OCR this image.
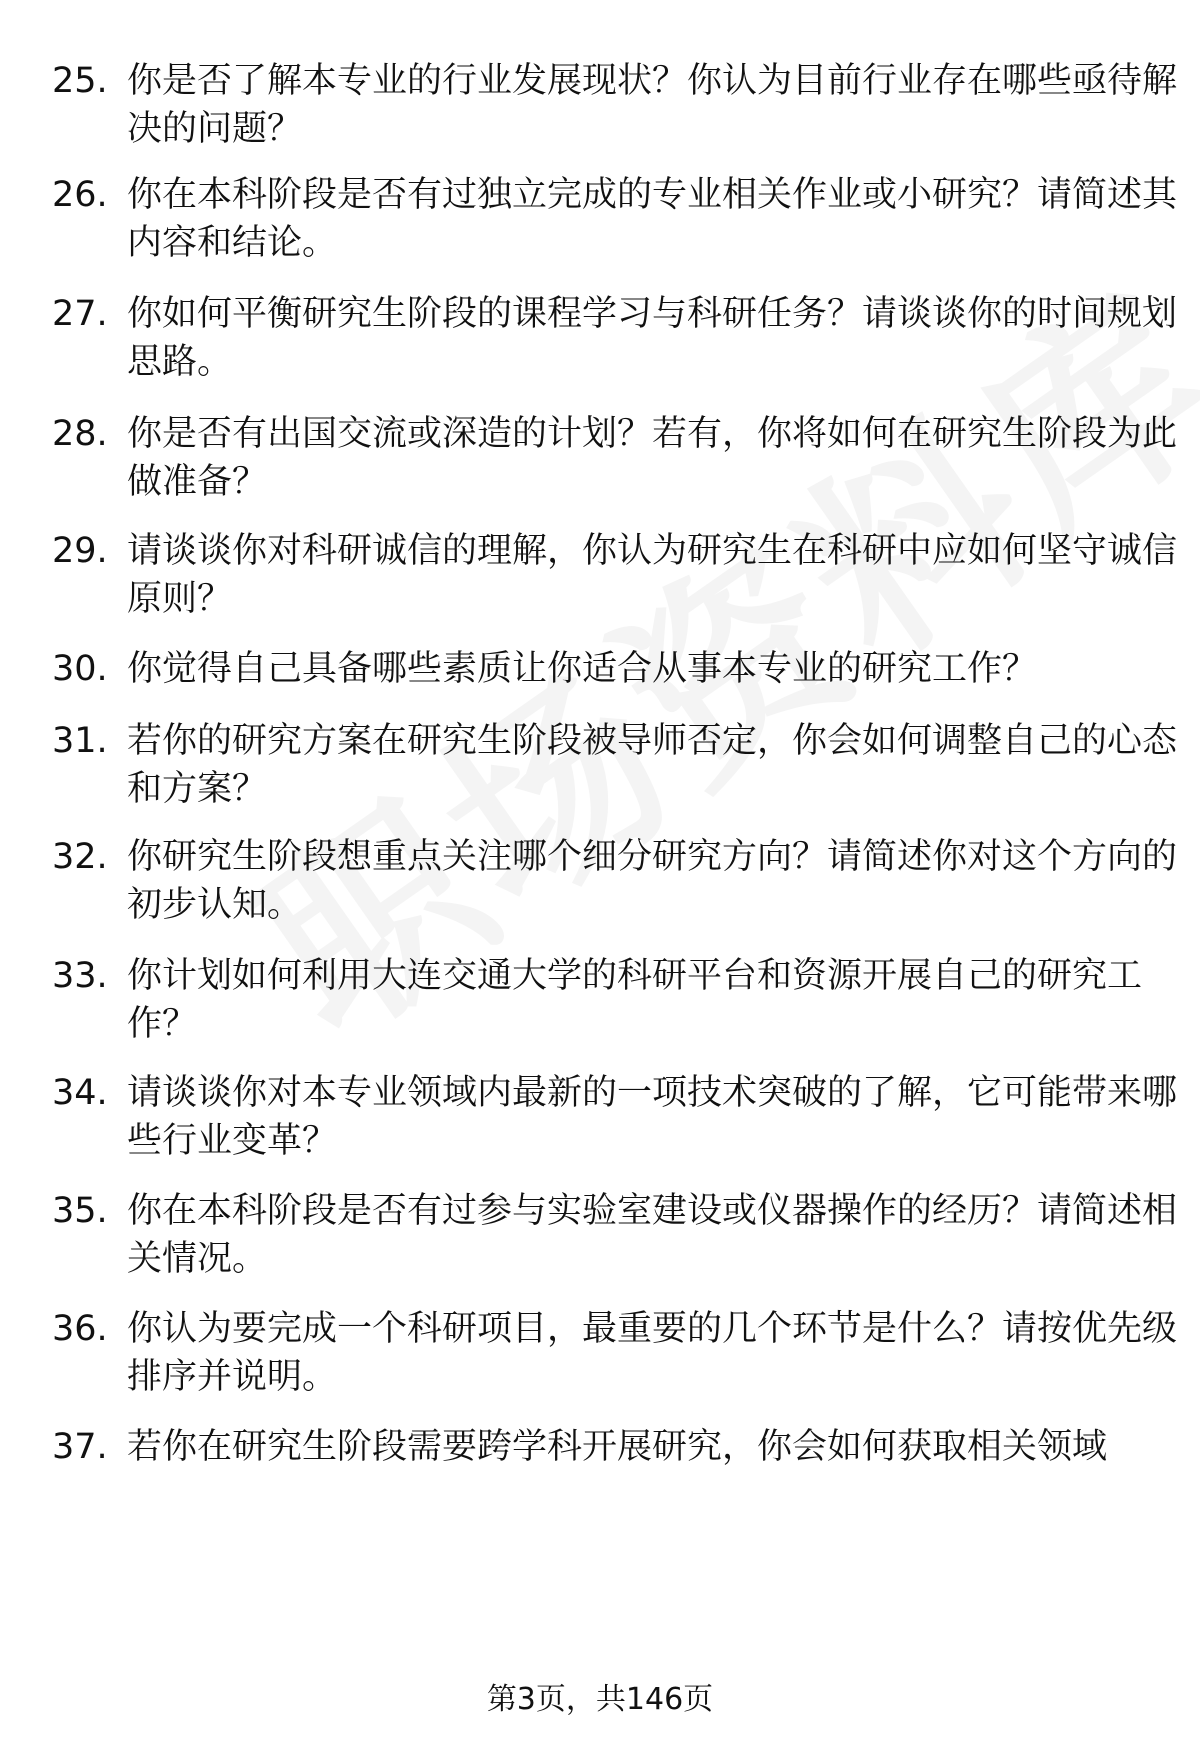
25. 你是否了解本专业的行业发展现状？你认为目前行业存在哪些亟待解决的问题？
26. 你在本科阶段是否有过独立完成的专业相关作业或小研究？请简述其内容和结论。
27. 你如何平衡研究生阶段的课程学习与科研任务？请谈谈你的时间规划思路。
28. 你是否有出国交流或深造的计划？若有，你将如何在研究生阶段为此做准备？
29. 请谈谈你对科研诚信的理解，你认为研究生在科研中应如何坚守诚信原则？
30. 你觉得自己具备哪些素质让你适合从事本专业的研究工作？
31. 若你的研究方案在研究生阶段被导师否定，你会如何调整自己的心态和方案？
32. 你研究生阶段想重点关注哪个细分研究方向？请简述你对这个方向的初步认知。
33. 你计划如何利用大连交通大学的科研平台和资源开展自己的研究工作？
34. 请谈谈你对本专业领域内最新的一项技术突破的了解，它可能带来哪些行业变革？
35. 你在本科阶段是否有过参与实验室建设或仪器操作的经历？请简述相关情况。
36. 你认为要完成一个科研项目，最重要的几个环节是什么？请按优先级排序并说明。
37. 若你在研究生阶段需要跨学科开展研究，你会如何获取相关领域
第3页，共146页
